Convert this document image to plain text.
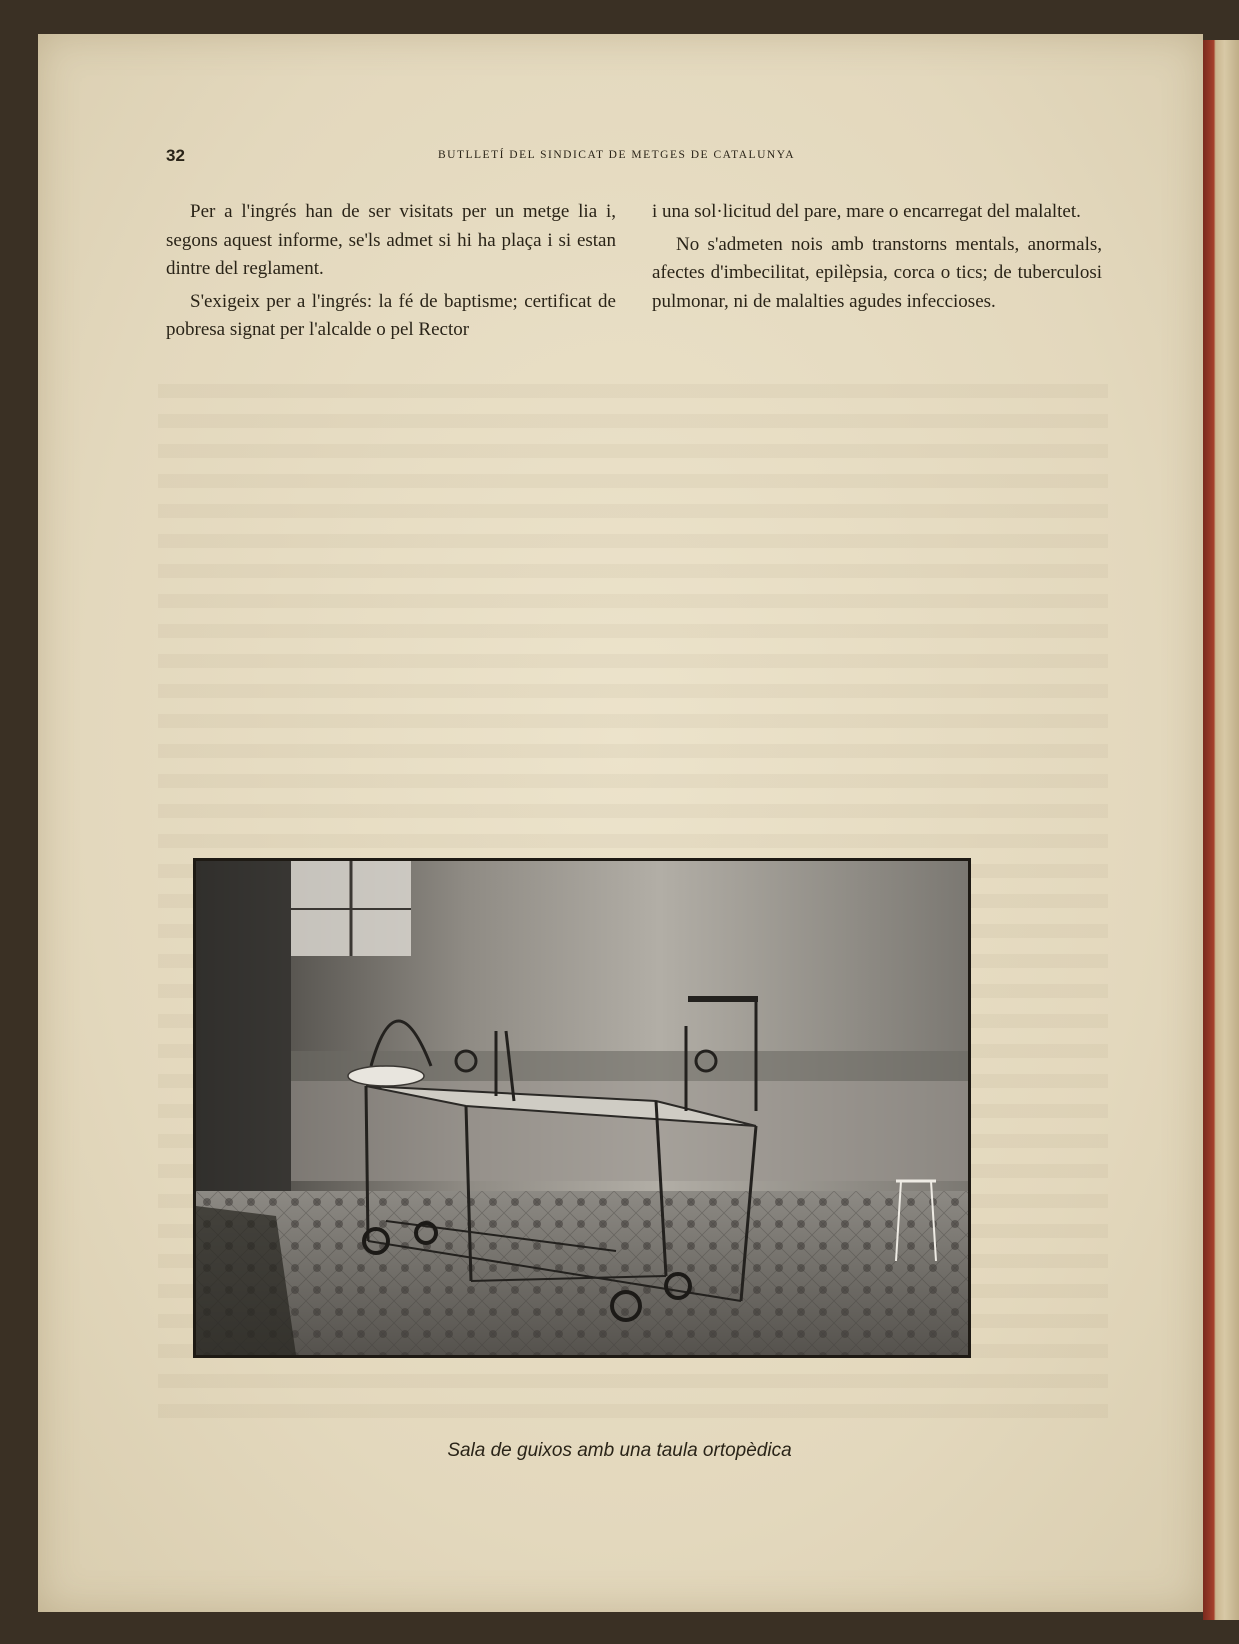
32	BUTLLETÍ DEL SINDICAT DE METGES DE CATALUNYA

Per a l'ingrés han de ser visitats per un metge lia i, segons aquest informe, se'ls admet si hi ha plaça i si estan dintre del reglament.

S'exigeix per a l'ingrés: la fé de baptisme; certificat de pobresa signat per l'alcalde o pel Rector

i una sol·licitud del pare, mare o encarregat del malaltet.

No s'admeten nois amb transtorns mentals, anormals, afectes d'imbecilitat, epilèpsia, corca o tics; de tuberculosi pulmonar, ni de malalties agudes infeccioses.

Sala de guixos amb una taula ortopèdica
